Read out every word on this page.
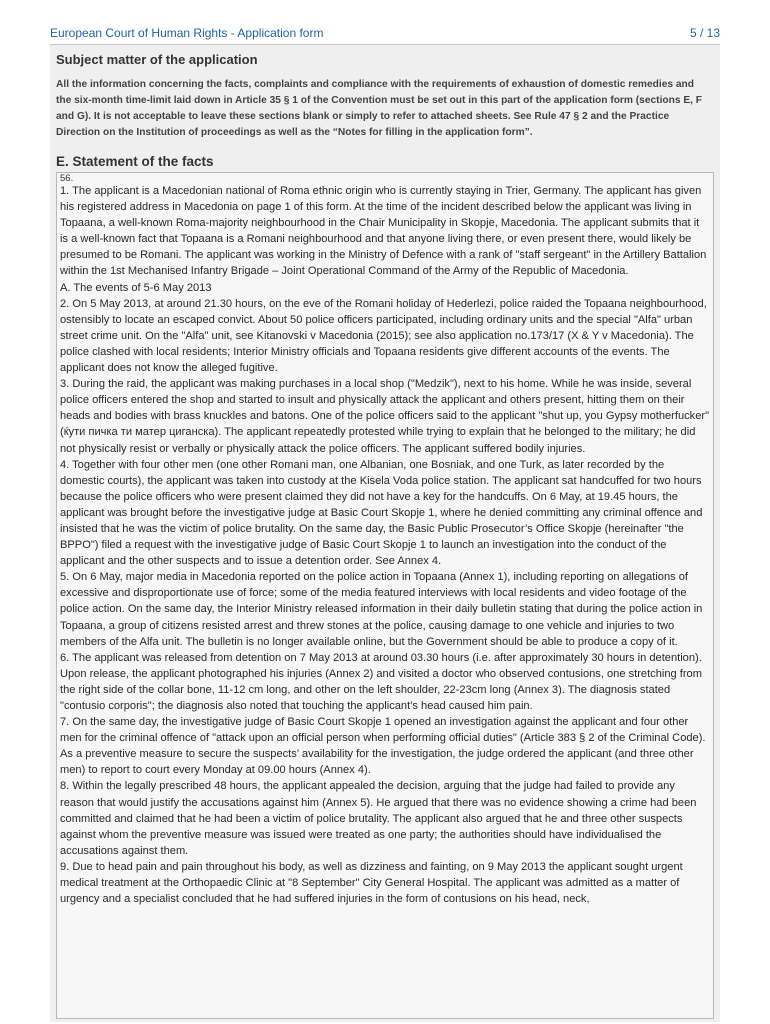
European Court of Human Rights - Application form	5 / 13
Subject matter of the application
All the information concerning the facts, complaints and compliance with the requirements of exhaustion of domestic remedies and the six-month time-limit laid down in Article 35 § 1 of the Convention must be set out in this part of the application form (sections E, F and G). It is not acceptable to leave these sections blank or simply to refer to attached sheets. See Rule 47 § 2 and the Practice Direction on the Institution of proceedings as well as the “Notes for filling in the application form”.
E. Statement of the facts
56.

1. The applicant is a Macedonian national of Roma ethnic origin who is currently staying in Trier, Germany. The applicant has given his registered address in Macedonia on page 1 of this form. At the time of the incident described below the applicant was living in Topaana, a well-known Roma-majority neighbourhood in the Chair Municipality in Skopje, Macedonia. The applicant submits that it is a well-known fact that Topaana is a Romani neighbourhood and that anyone living there, or even present there, would likely be presumed to be Romani. The applicant was working in the Ministry of Defence with a rank of "staff sergeant" in the Artillery Battalion within the 1st Mechanised Infantry Brigade – Joint Operational Command of the Army of the Republic of Macedonia.

A. The events of 5-6 May 2013

2. On 5 May 2013, at around 21.30 hours, on the eve of the Romani holiday of Hederlezi, police raided the Topaana neighbourhood, ostensibly to locate an escaped convict. About 50 police officers participated, including ordinary units and the special "Alfa" urban street crime unit. On the "Alfa" unit, see Kitanovski v Macedonia (2015); see also application no.173/17 (X & Y v Macedonia). The police clashed with local residents; Interior Ministry officials and Topaana residents give different accounts of the events. The applicant does not know the alleged fugitive.

3. During the raid, the applicant was making purchases in a local shop ("Medzik"), next to his home. While he was inside, several police officers entered the shop and started to insult and physically attack the applicant and others present, hitting them on their heads and bodies with brass knuckles and batons. One of the police officers said to the applicant "shut up, you Gypsy motherfucker" (ќути пичка ти матер циганска). The applicant repeatedly protested while trying to explain that he belonged to the military; he did not physically resist or verbally or physically attack the police officers. The applicant suffered bodily injuries.

4. Together with four other men (one other Romani man, one Albanian, one Bosniak, and one Turk, as later recorded by the domestic courts), the applicant was taken into custody at the Kisela Voda police station. The applicant sat handcuffed for two hours because the police officers who were present claimed they did not have a key for the handcuffs. On 6 May, at 19.45 hours, the applicant was brought before the investigative judge at Basic Court Skopje 1, where he denied committing any criminal offence and insisted that he was the victim of police brutality. On the same day, the Basic Public Prosecutor’s Office Skopje (hereinafter "the BPPO") filed a request with the investigative judge of Basic Court Skopje 1 to launch an investigation into the conduct of the applicant and the other suspects and to issue a detention order. See Annex 4.

5. On 6 May, major media in Macedonia reported on the police action in Topaana (Annex 1), including reporting on allegations of excessive and disproportionate use of force; some of the media featured interviews with local residents and video footage of the police action. On the same day, the Interior Ministry released information in their daily bulletin stating that during the police action in Topaana, a group of citizens resisted arrest and threw stones at the police, causing damage to one vehicle and injuries to two members of the Alfa unit. The bulletin is no longer available online, but the Government should be able to produce a copy of it.

6. The applicant was released from detention on 7 May 2013 at around 03.30 hours (i.e. after approximately 30 hours in detention). Upon release, the applicant photographed his injuries (Annex 2) and visited a doctor who observed contusions, one stretching from the right side of the collar bone, 11-12 cm long, and other on the left shoulder, 22-23cm long (Annex 3). The diagnosis stated "contusio corporis"; the diagnosis also noted that touching the applicant’s head caused him pain.

7. On the same day, the investigative judge of Basic Court Skopje 1 opened an investigation against the applicant and four other men for the criminal offence of "attack upon an official person when performing official duties" (Article 383 § 2 of the Criminal Code). As a preventive measure to secure the suspects’ availability for the investigation, the judge ordered the applicant (and three other men) to report to court every Monday at 09.00 hours (Annex 4).

8. Within the legally prescribed 48 hours, the applicant appealed the decision, arguing that the judge had failed to provide any reason that would justify the accusations against him (Annex 5). He argued that there was no evidence showing a crime had been committed and claimed that he had been a victim of police brutality. The applicant also argued that he and three other suspects against whom the preventive measure was issued were treated as one party; the authorities should have individualised the accusations against them.

9. Due to head pain and pain throughout his body, as well as dizziness and fainting, on 9 May 2013 the applicant sought urgent medical treatment at the Orthopaedic Clinic at "8 September" City General Hospital. The applicant was admitted as a matter of urgency and a specialist concluded that he had suffered injuries in the form of contusions on his head, neck,
